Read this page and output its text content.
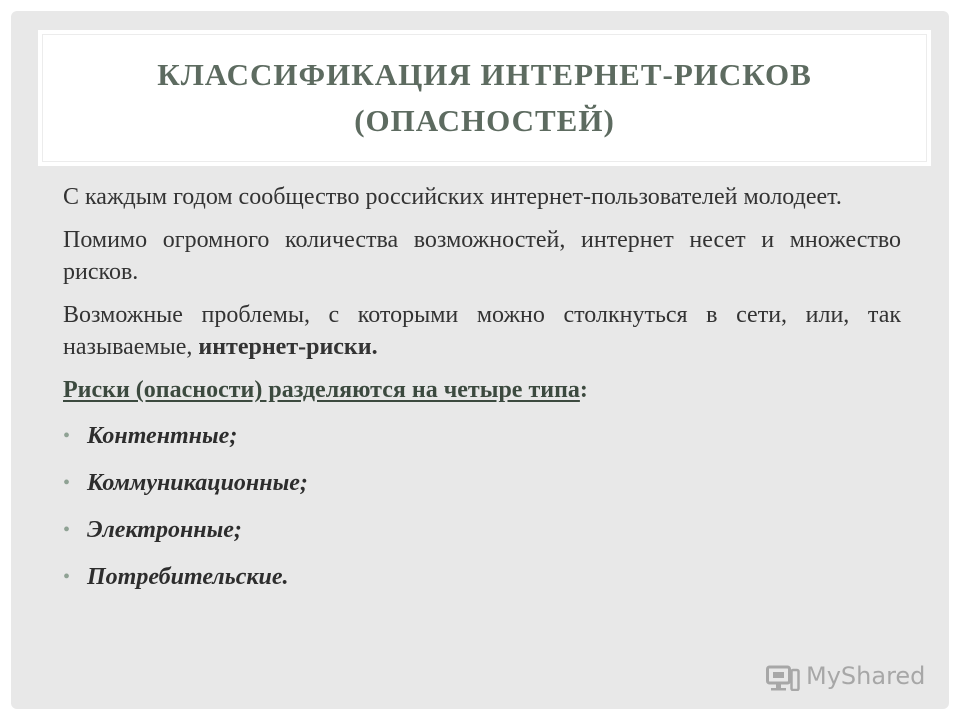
КЛАССИФИКАЦИЯ ИНТЕРНЕТ-РИСКОВ
(ОПАСНОСТЕЙ)

С каждым годом сообщество российских интернет-пользователей молодеет.

Помимо огромного количества возможностей, интернет несет и множество рисков.

Возможные проблемы, с которыми можно столкнуться в сети, или, так называемые, интернет-риски.

Риски (опасности) разделяются на четыре типа:

• Контентные;
• Коммуникационные;
• Электронные;
• Потребительские.
MyShared
